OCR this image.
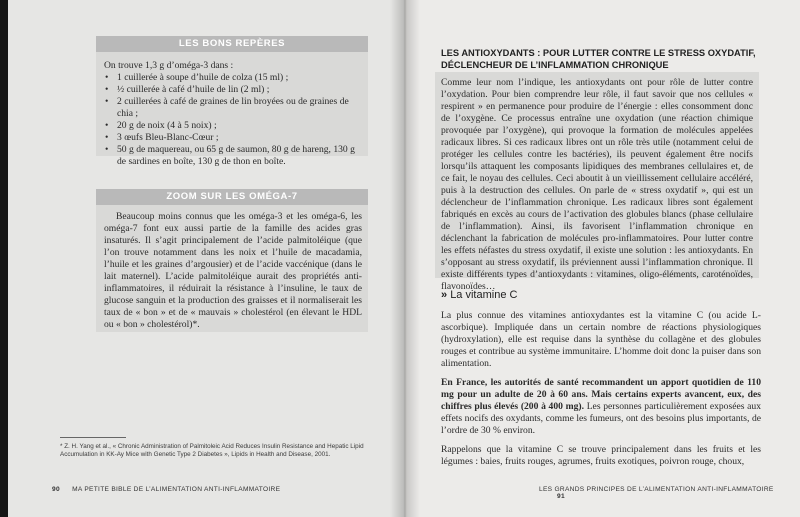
LES BONS REPÈRES
On trouve 1,3 g d’oméga-3 dans :
• 1 cuillerée à soupe d’huile de colza (15 ml) ;
• ½ cuillerée à café d’huile de lin (2 ml) ;
• 2 cuillerées à café de graines de lin broyées ou de graines de chia ;
• 20 g de noix (4 à 5 noix) ;
• 3 œufs Bleu-Blanc-Cœur ;
• 50 g de maquereau, ou 65 g de saumon, 80 g de hareng, 130 g de sardines en boîte, 130 g de thon en boîte.
ZOOM SUR LES OMÉGA-7

Beaucoup moins connus que les oméga-3 et les oméga-6, les oméga-7 font eux aussi partie de la famille des acides gras insaturés. Il s’agit principalement de l’acide palmitoléique (que l’on trouve notamment dans les noix et l’huile de macadamia, l’huile et les graines d’argousier) et de l’acide vaccénique (dans le lait maternel). L’acide palmitoléique aurait des propriétés anti-inflammatoires, il réduirait la résistance à l’insuline, le taux de glucose sanguin et la production des graisses et il normaliserait les taux de « bon » et de « mauvais » cholestérol (en élevant le HDL ou « bon » cholestérol)*.

* Z. H. Yang et al., « Chronic Administration of Palmitoleic Acid Reduces Insulin Resistance and Hepatic Lipid Accumulation in KK-Ay Mice with Genetic Type 2 Diabetes », Lipids in Health and Disease, 2001.
90 MA PETITE BIBLE DE L’ALIMENTATION ANTI-INFLAMMATOIRE
LES ANTIOXYDANTS : POUR LUTTER CONTRE LE STRESS OXYDATIF, DÉCLENCHEUR DE L’INFLAMMATION CHRONIQUE

Comme leur nom l’indique, les antioxydants ont pour rôle de lutter contre l’oxydation. Pour bien comprendre leur rôle, il faut savoir que nos cellules « respirent » en permanence pour produire de l’énergie : elles consomment donc de l’oxygène. Ce processus entraîne une oxydation (une réaction chimique provoquée par l’oxygène), qui provoque la formation de molécules appelées radicaux libres. Si ces radicaux libres ont un rôle très utile (notamment celui de protéger les cellules contre les bactéries), ils peuvent également être nocifs lorsqu’ils attaquent les composants lipidiques des membranes cellulaires et, de ce fait, le noyau des cellules. Ceci aboutit à un vieillissement cellulaire accéléré, puis à la destruction des cellules. On parle de « stress oxydatif », qui est un déclencheur de l’inflammation chronique. Les radicaux libres sont également fabriqués en excès au cours de l’activation des globules blancs (phase cellulaire de l’inflammation). Ainsi, ils favorisent l’inflammation chronique en déclenchant la fabrication de molécules pro-inflammatoires. Pour lutter contre les effets néfastes du stress oxydatif, il existe une solution : les antioxydants. En s’opposant au stress oxydatif, ils préviennent aussi l’inflammation chronique. Il existe différents types d’antioxydants : vitamines, oligo-éléments, caroténoïdes, flavonoïdes…

» La vitamine C

La plus connue des vitamines antioxydantes est la vitamine C (ou acide L-ascorbique). Impliquée dans un certain nombre de réactions physiologiques (hydroxylation), elle est requise dans la synthèse du collagène et des globules rouges et contribue au système immunitaire. L’homme doit donc la puiser dans son alimentation.

En France, les autorités de santé recommandent un apport quotidien de 110 mg pour un adulte de 20 à 60 ans. Mais certains experts avancent, eux, des chiffres plus élevés (200 à 400 mg). Les personnes particulièrement exposées aux effets nocifs des oxydants, comme les fumeurs, ont des besoins plus importants, de l’ordre de 30 % environ.

Rappelons que la vitamine C se trouve principalement dans les fruits et les légumes : baies, fruits rouges, agrumes, fruits exotiques, poivron rouge, choux,

LES GRANDS PRINCIPES DE L’ALIMENTATION ANTI-INFLAMMATOIRE 91
